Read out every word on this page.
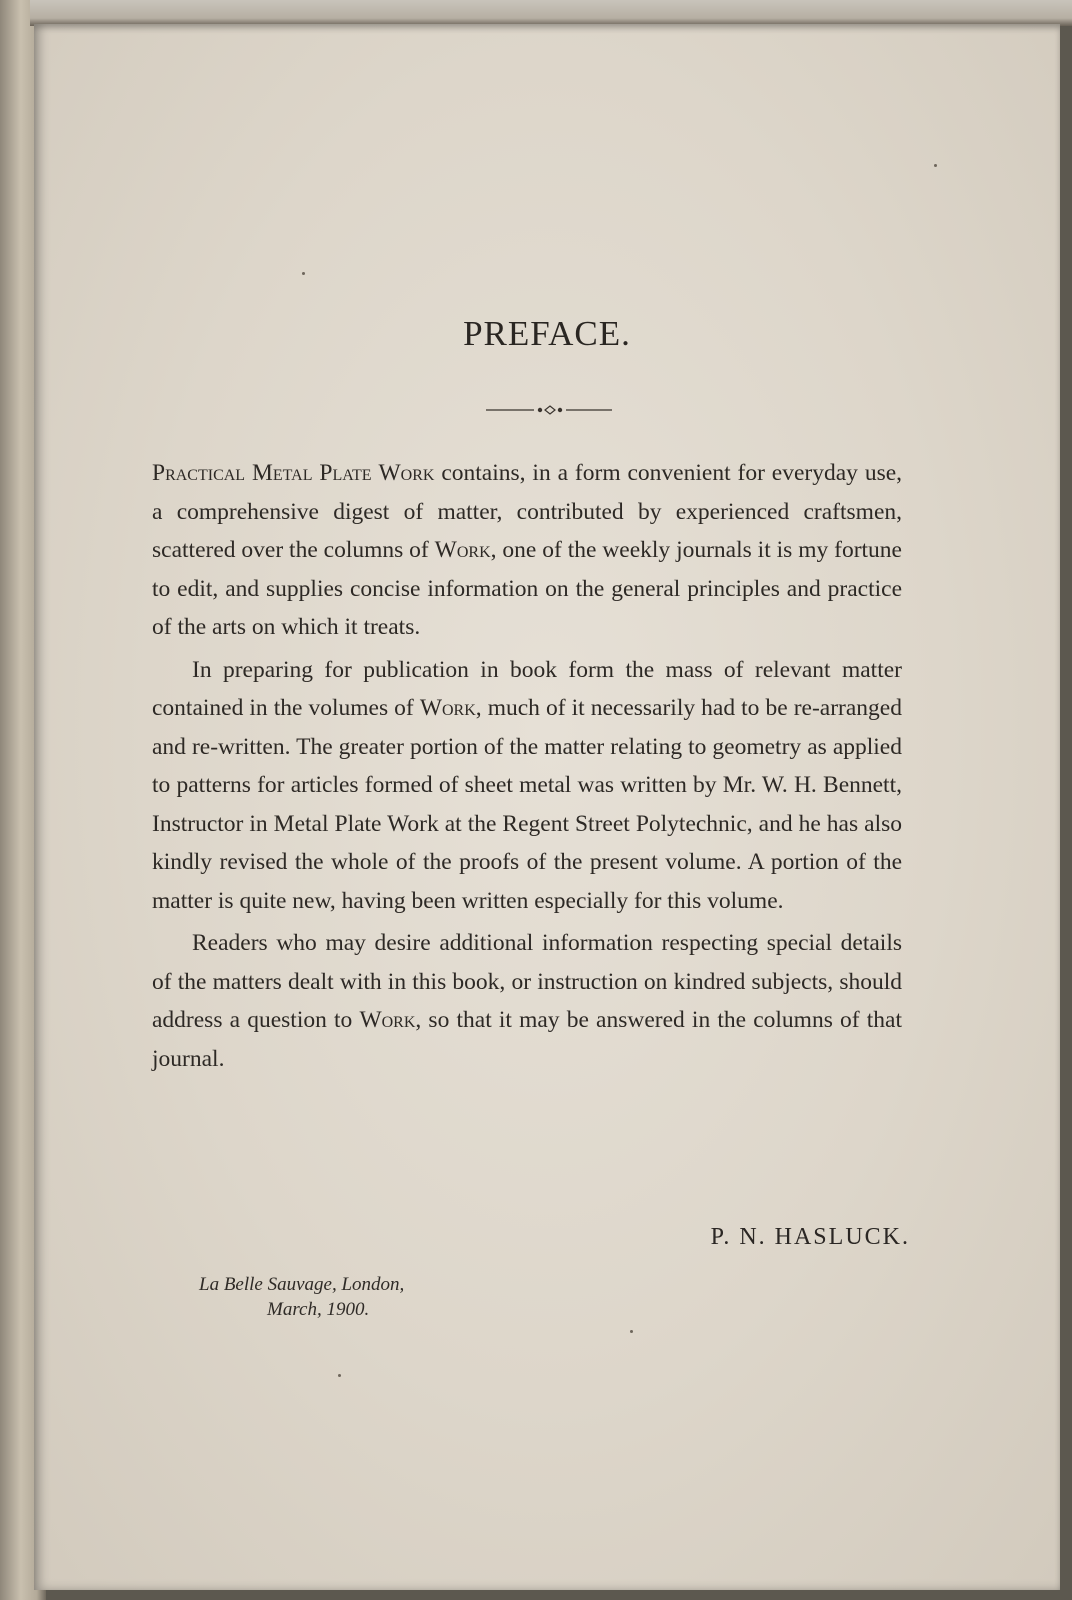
PREFACE.

Practical Metal Plate Work contains, in a form convenient for everyday use, a comprehensive digest of matter, contributed by experienced craftsmen, scattered over the columns of Work, one of the weekly journals it is my fortune to edit, and supplies concise information on the general principles and practice of the arts on which it treats.

In preparing for publication in book form the mass of relevant matter contained in the volumes of Work, much of it necessarily had to be re-arranged and re-written. The greater portion of the matter relating to geometry as applied to patterns for articles formed of sheet metal was written by Mr. W. H. Bennett, Instructor in Metal Plate Work at the Regent Street Polytechnic, and he has also kindly revised the whole of the proofs of the present volume. A portion of the matter is quite new, having been written especially for this volume.

Readers who may desire additional information respecting special details of the matters dealt with in this book, or instruction on kindred subjects, should address a question to Work, so that it may be answered in the columns of that journal.

P. N. HASLUCK.
La Belle Sauvage, London,
March, 1900.
